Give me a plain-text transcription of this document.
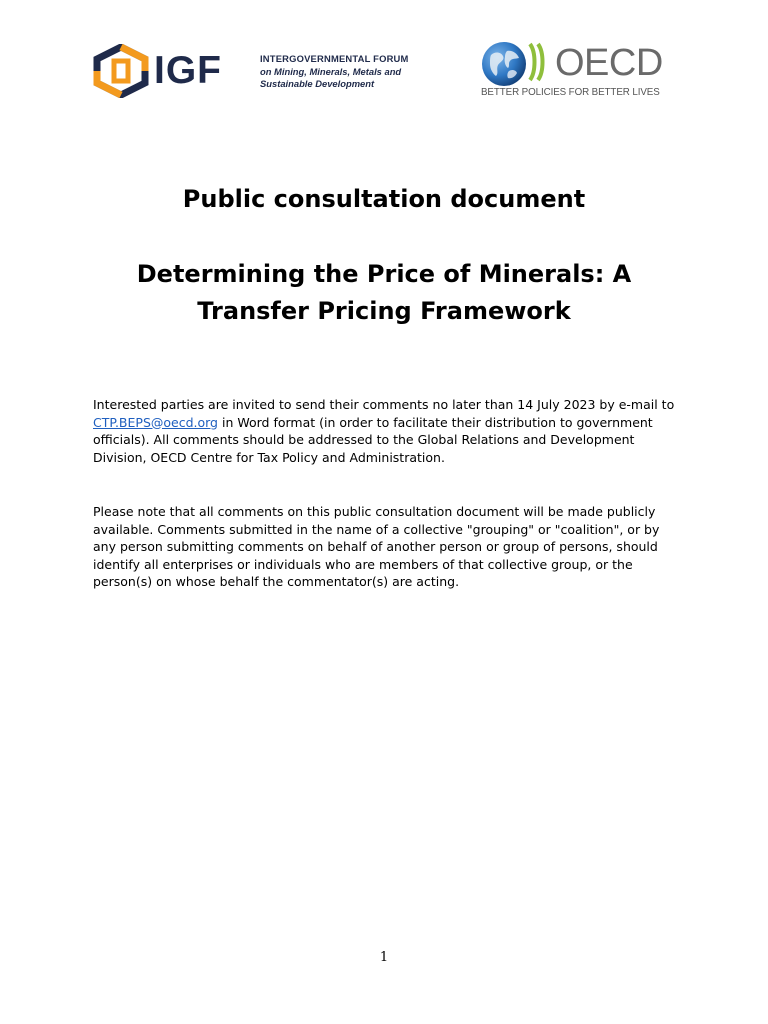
IGF	INTERGOVERNMENTAL FORUM
on Mining, Minerals, Metals and
Sustainable Development	OECD
BETTER POLICIES FOR BETTER LIVES
Public consultation document
Determining the Price of Minerals: A
Transfer Pricing Framework

Interested parties are invited to send their comments no later than 14 July 2023 by e-mail to CTP.BEPS@oecd.org in Word format (in order to facilitate their distribution to government officials). All comments should be addressed to the Global Relations and Development Division, OECD Centre for Tax Policy and Administration.

Please note that all comments on this public consultation document will be made publicly available. Comments submitted in the name of a collective "grouping" or "coalition", or by any person submitting comments on behalf of another person or group of persons, should identify all enterprises or individuals who are members of that collective group, or the person(s) on whose behalf the commentator(s) are acting.

1
